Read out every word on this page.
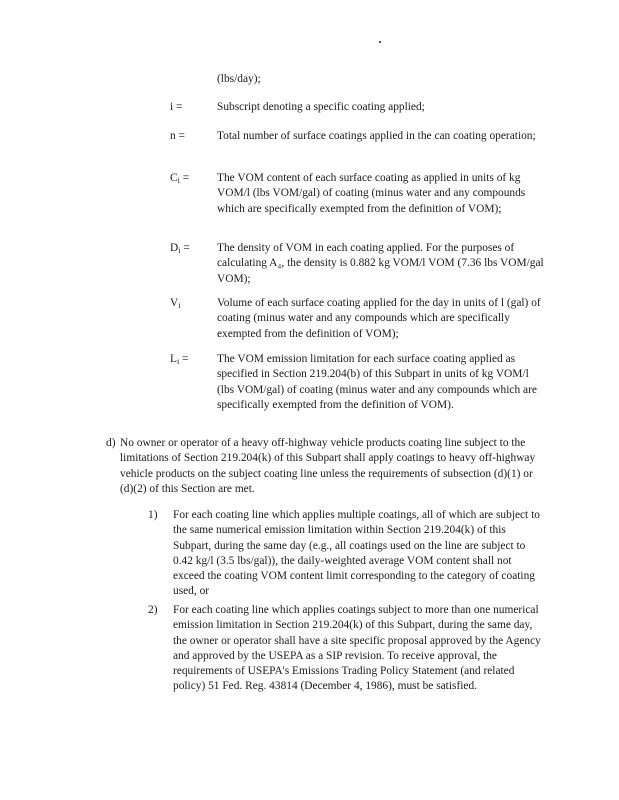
(lbs/day);
i =	Subscript denoting a specific coating applied;
n =	Total number of surface coatings applied in the can coating operation;
$C_i$ =	The VOM content of each surface coating as applied in units of kg VOM/l (lbs VOM/gal) of coating (minus water and any compounds which are specifically exempted from the definition of VOM);
$D_i$ =	The density of VOM in each coating applied. For the purposes of calculating A₄, the density is 0.882 kg VOM/l VOM (7.36 lbs VOM/gal VOM);
$V_i$	Volume of each surface coating applied for the day in units of l (gal) of coating (minus water and any compounds which are specifically exempted from the definition of VOM);
$L_i$ =	The VOM emission limitation for each surface coating applied as specified in Section 219.204(b) of this Subpart in units of kg VOM/l (lbs VOM/gal) of coating (minus water and any compounds which are specifically exempted from the definition of VOM).
d) No owner or operator of a heavy off-highway vehicle products coating line subject to the limitations of Section 219.204(k) of this Subpart shall apply coatings to heavy off-highway vehicle products on the subject coating line unless the requirements of subsection (d)(1) or (d)(2) of this Section are met.
1) For each coating line which applies multiple coatings, all of which are subject to the same numerical emission limitation within Section 219.204(k) of this Subpart, during the same day (e.g., all coatings used on the line are subject to 0.42 kg/l (3.5 lbs/gal)), the daily-weighted average VOM content shall not exceed the coating VOM content limit corresponding to the category of coating used, or
2) For each coating line which applies coatings subject to more than one numerical emission limitation in Section 219.204(k) of this Subpart, during the same day, the owner or operator shall have a site specific proposal approved by the Agency and approved by the USEPA as a SIP revision. To receive approval, the requirements of USEPA's Emissions Trading Policy Statement (and related policy) 51 Fed. Reg. 43814 (December 4, 1986), must be satisfied.
